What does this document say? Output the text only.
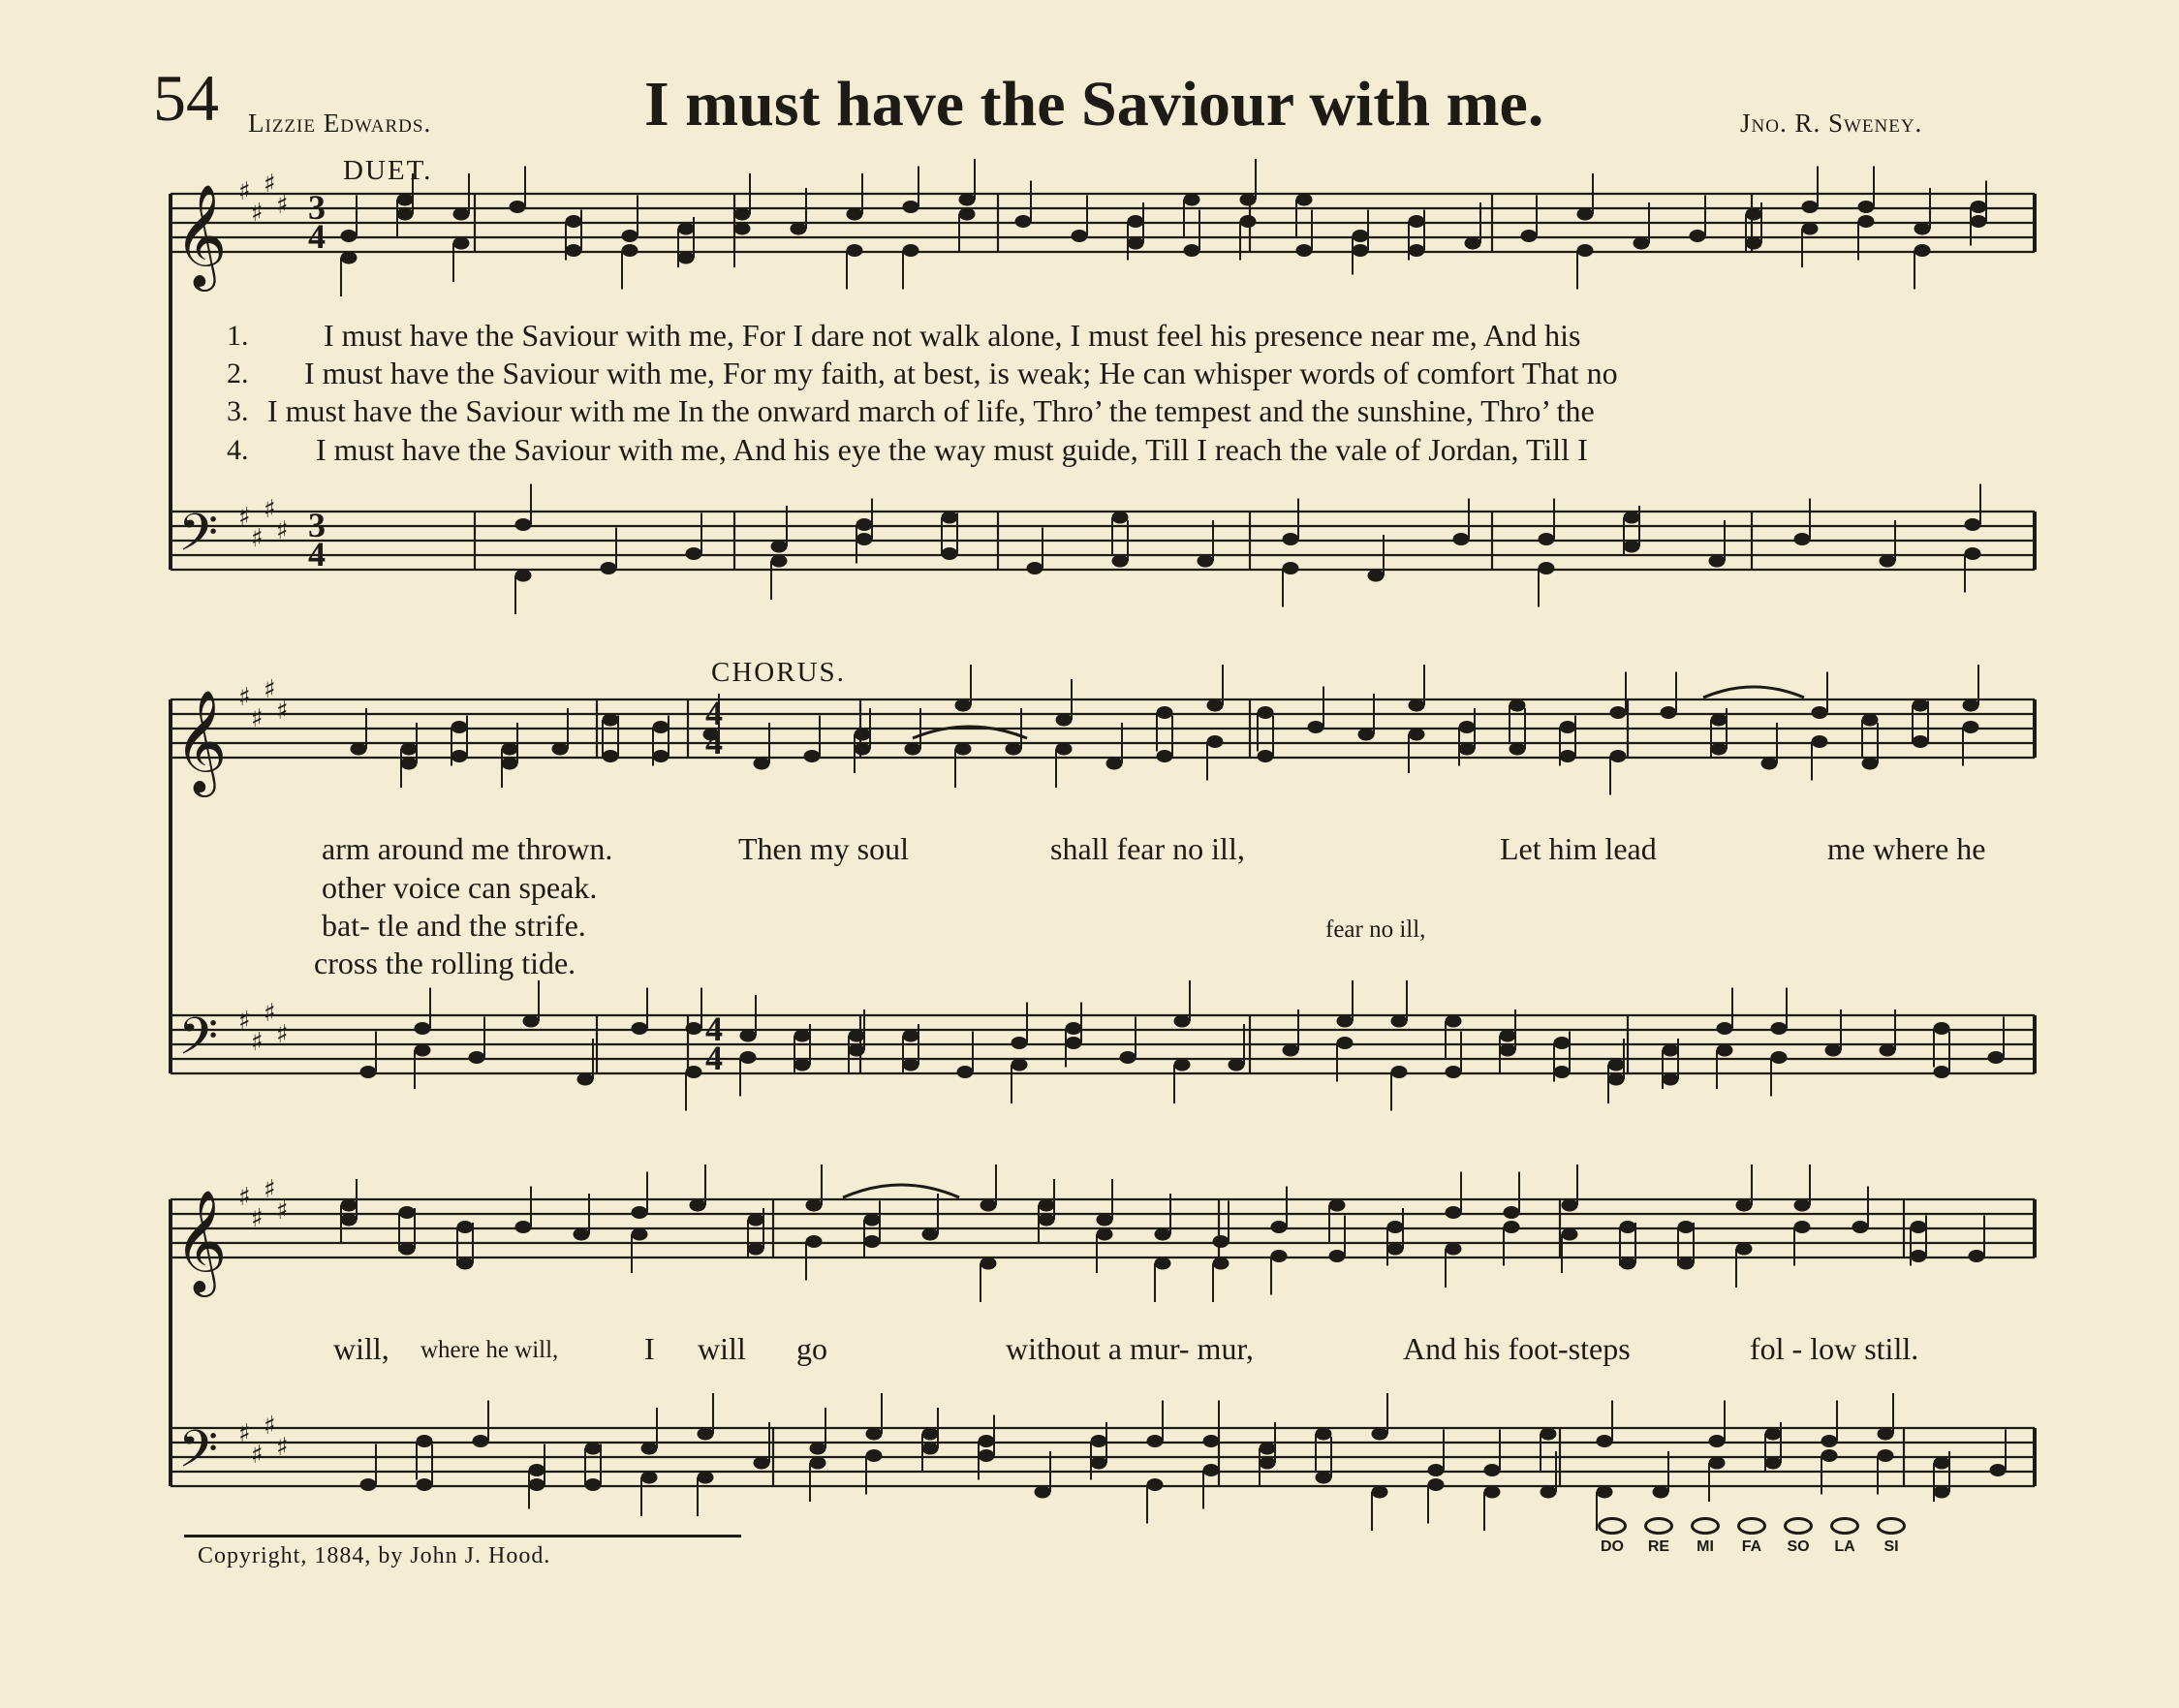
54 Lizzie Edwards.	I must have the Saviour with me.	Jno. R. Sweney.
DUET.
CHORUS.
𝄞 ♯
♯
♯
♯
𝄞 ♯
♯
♯
♯
𝄞 ♯
♯
♯
♯
𝄢 ♯
♯
♯
♯
𝄢 ♯
♯
♯
♯
𝄢 ♯
♯
♯
♯
3
4
3
4
4
4
4
4
1. I must have the Saviour with me, For I dare not walk alone, I must feel his presence near me, And his
2. I must have the Saviour with me, For my faith, at best, is weak; He can whisper words of comfort That no
3. I must have the Saviour with me In the onward march of life, Thro’ the tempest and the sunshine, Thro’ the
4. I must have the Saviour with me, And his eye the way must guide, Till I reach the vale of Jordan, Till I
arm around me thrown.
other voice can speak.
bat- tle and the strife.
cross the rolling tide.
Then my soul	shall fear no ill,	Let him lead	me where he
fear no ill,
will, where he will,	I will go	without a mur- mur,	And his foot-steps	fol - low still.
Copyright, 1884, by John J. Hood.	DO	RE	MI	FA	SO	LA	SI
